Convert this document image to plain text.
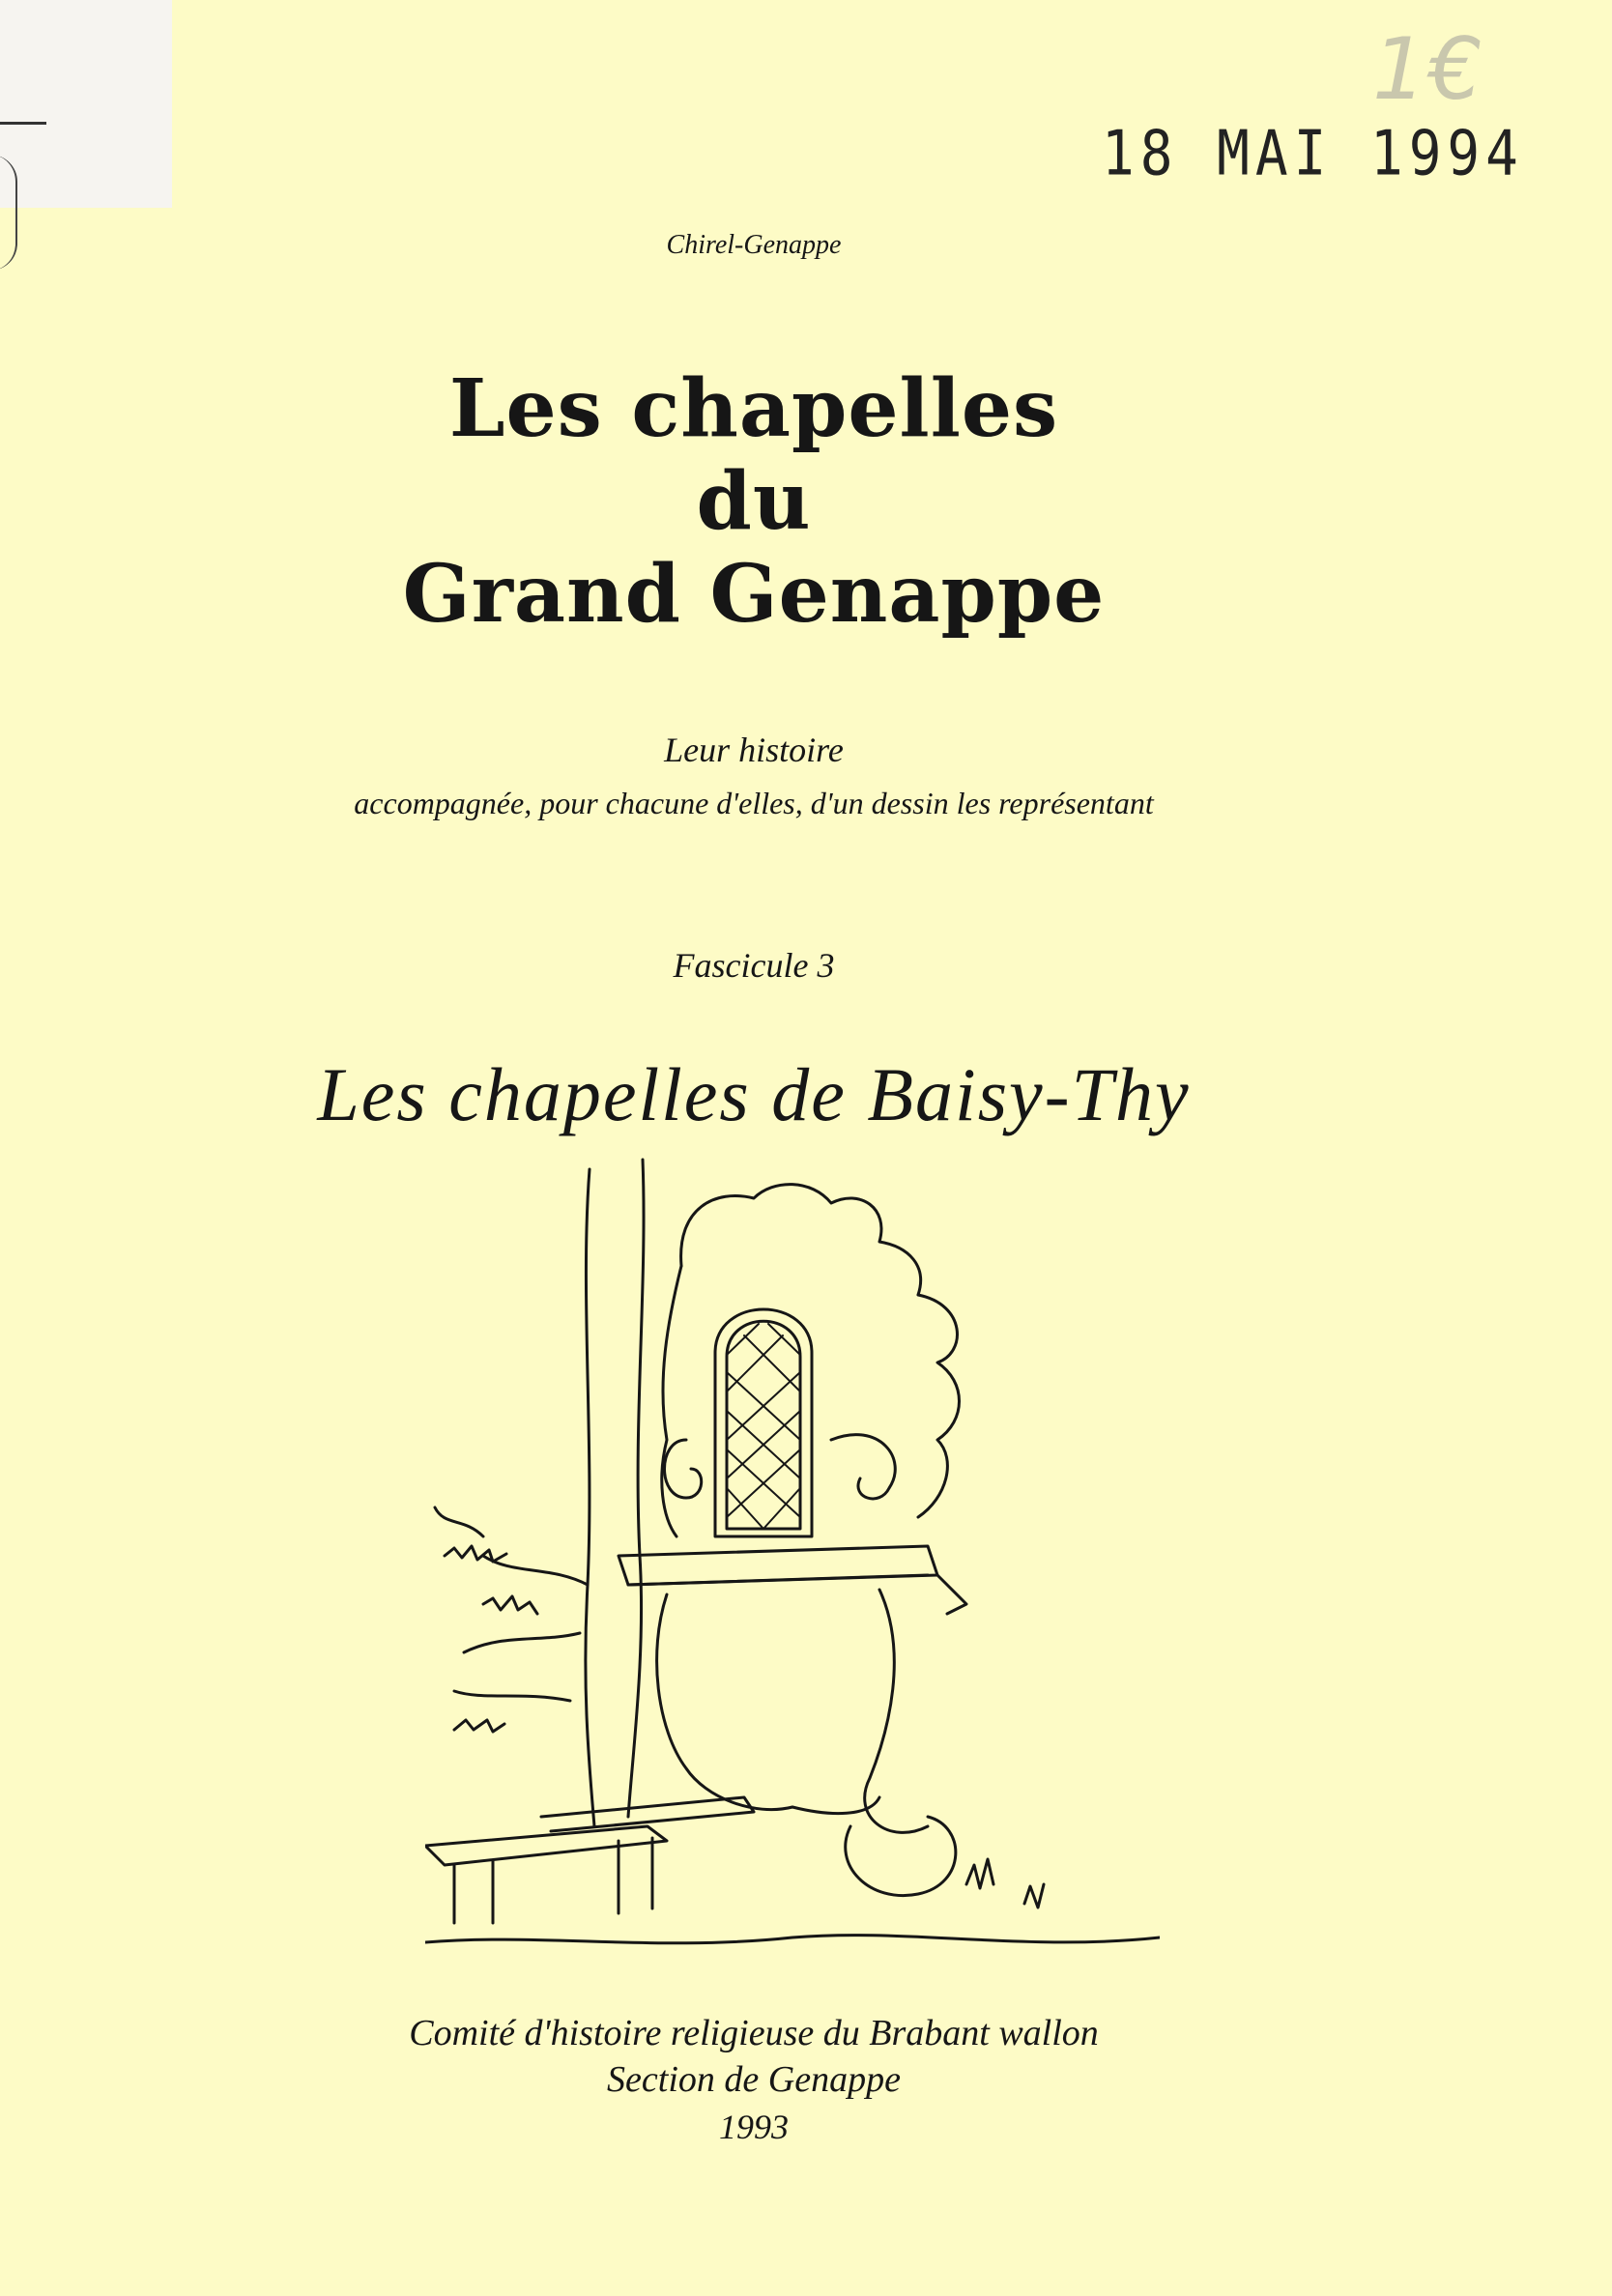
1€
18 MAI 1994
Chirel-Genappe
Les chapelles
du
Grand Genappe
Leur histoire
accompagnée, pour chacune d'elles, d'un dessin les représentant
Fascicule 3
Les chapelles de Baisy-Thy
Comité d'histoire religieuse du Brabant wallon
Section de Genappe
1993
